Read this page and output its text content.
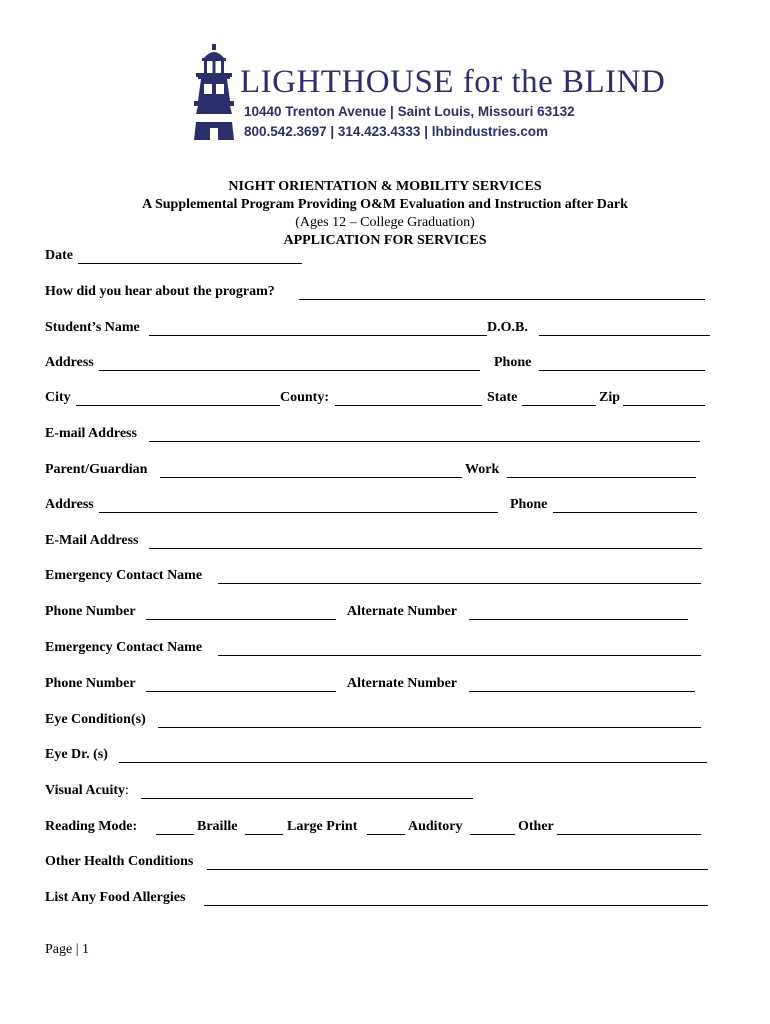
LIGHTHOUSE for the BLIND
10440 Trenton Avenue | Saint Louis, Missouri 63132
800.542.3697 | 314.423.4333 | lhbindustries.com
NIGHT ORIENTATION & MOBILITY SERVICES
A Supplemental Program Providing O&M Evaluation and Instruction after Dark
(Ages 12 – College Graduation)
APPLICATION FOR SERVICES
Date
How did you hear about the program?
Student’s Name	D.O.B.
Address	Phone
City	County:	State	Zip
E-mail Address
Parent/Guardian	Work
Address	Phone
E-Mail Address
Emergency Contact Name
Phone Number	Alternate Number
Emergency Contact Name
Phone Number	Alternate Number
Eye Condition(s)
Eye Dr. (s)
Visual Acuity:
Reading Mode:	Braille	Large Print	Auditory	Other
Other Health Conditions
List Any Food Allergies
Page | 1
